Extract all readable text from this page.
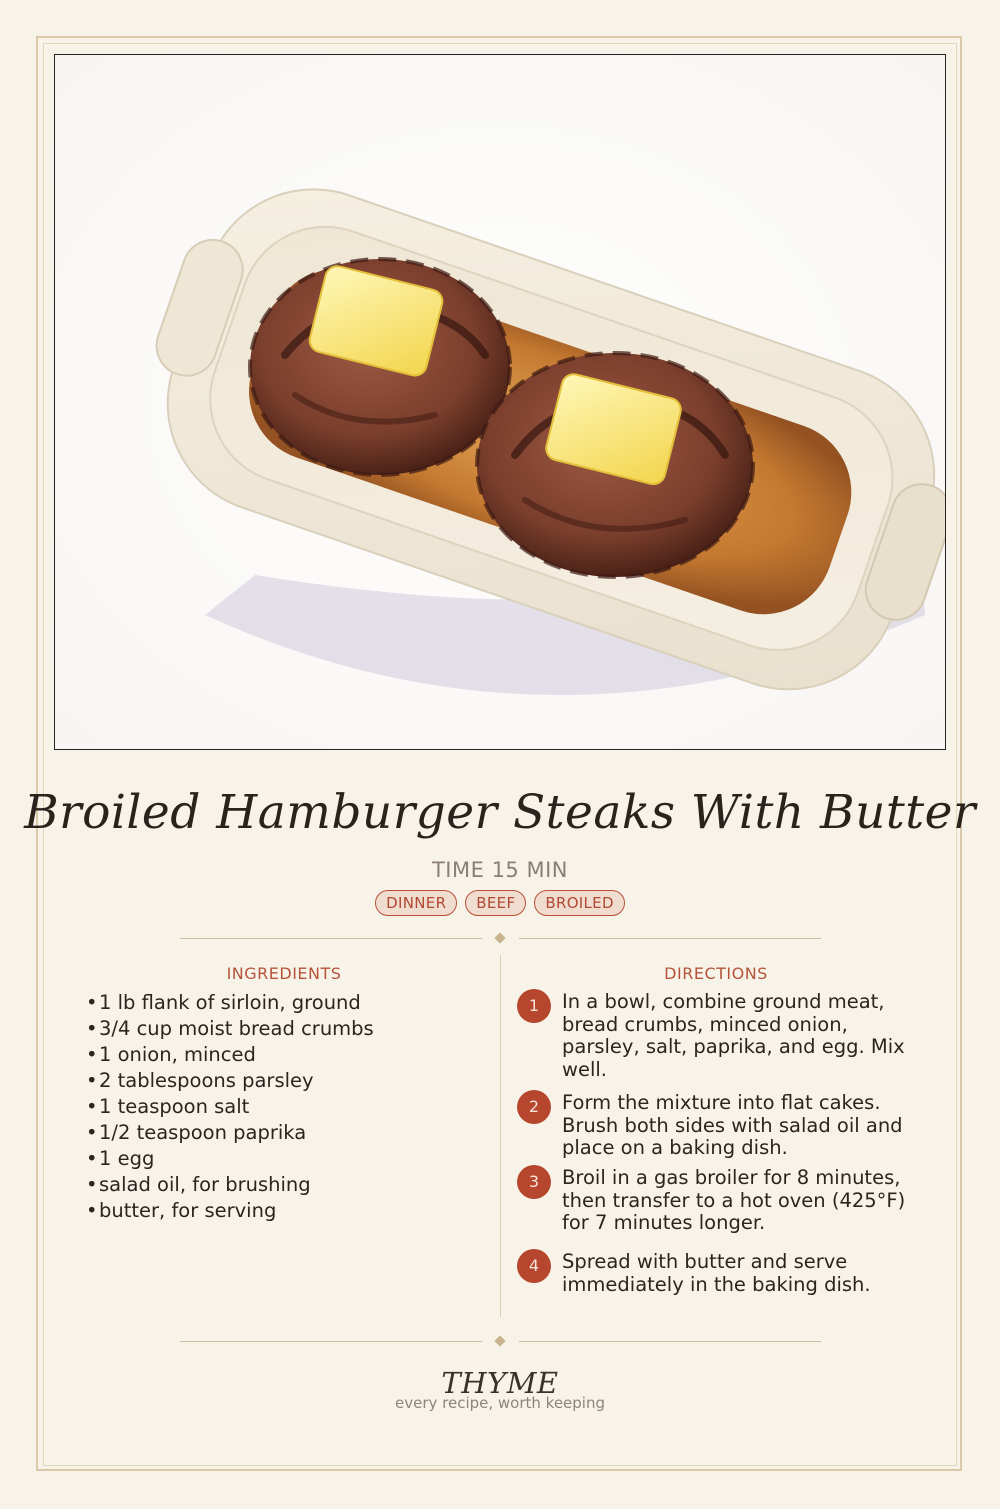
Broiled Hamburger Steaks With Butter
TIME 15 MIN
DINNER	BEEF	BROILED
INGREDIENTS	DIRECTIONS
•1 lb flank of sirloin, ground
•3/4 cup moist bread crumbs
•1 onion, minced
•2 tablespoons parsley
•1 teaspoon salt
•1/2 teaspoon paprika
•1 egg
•salad oil, for brushing
•butter, for serving
1	In a bowl, combine ground meat, bread crumbs, minced onion, parsley, salt, paprika, and egg. Mix well.
2	Form the mixture into flat cakes. Brush both sides with salad oil and place on a baking dish.
3	Broil in a gas broiler for 8 minutes, then transfer to a hot oven (425°F) for 7 minutes longer.
4	Spread with butter and serve immediately in the baking dish.
THYME
every recipe, worth keeping
